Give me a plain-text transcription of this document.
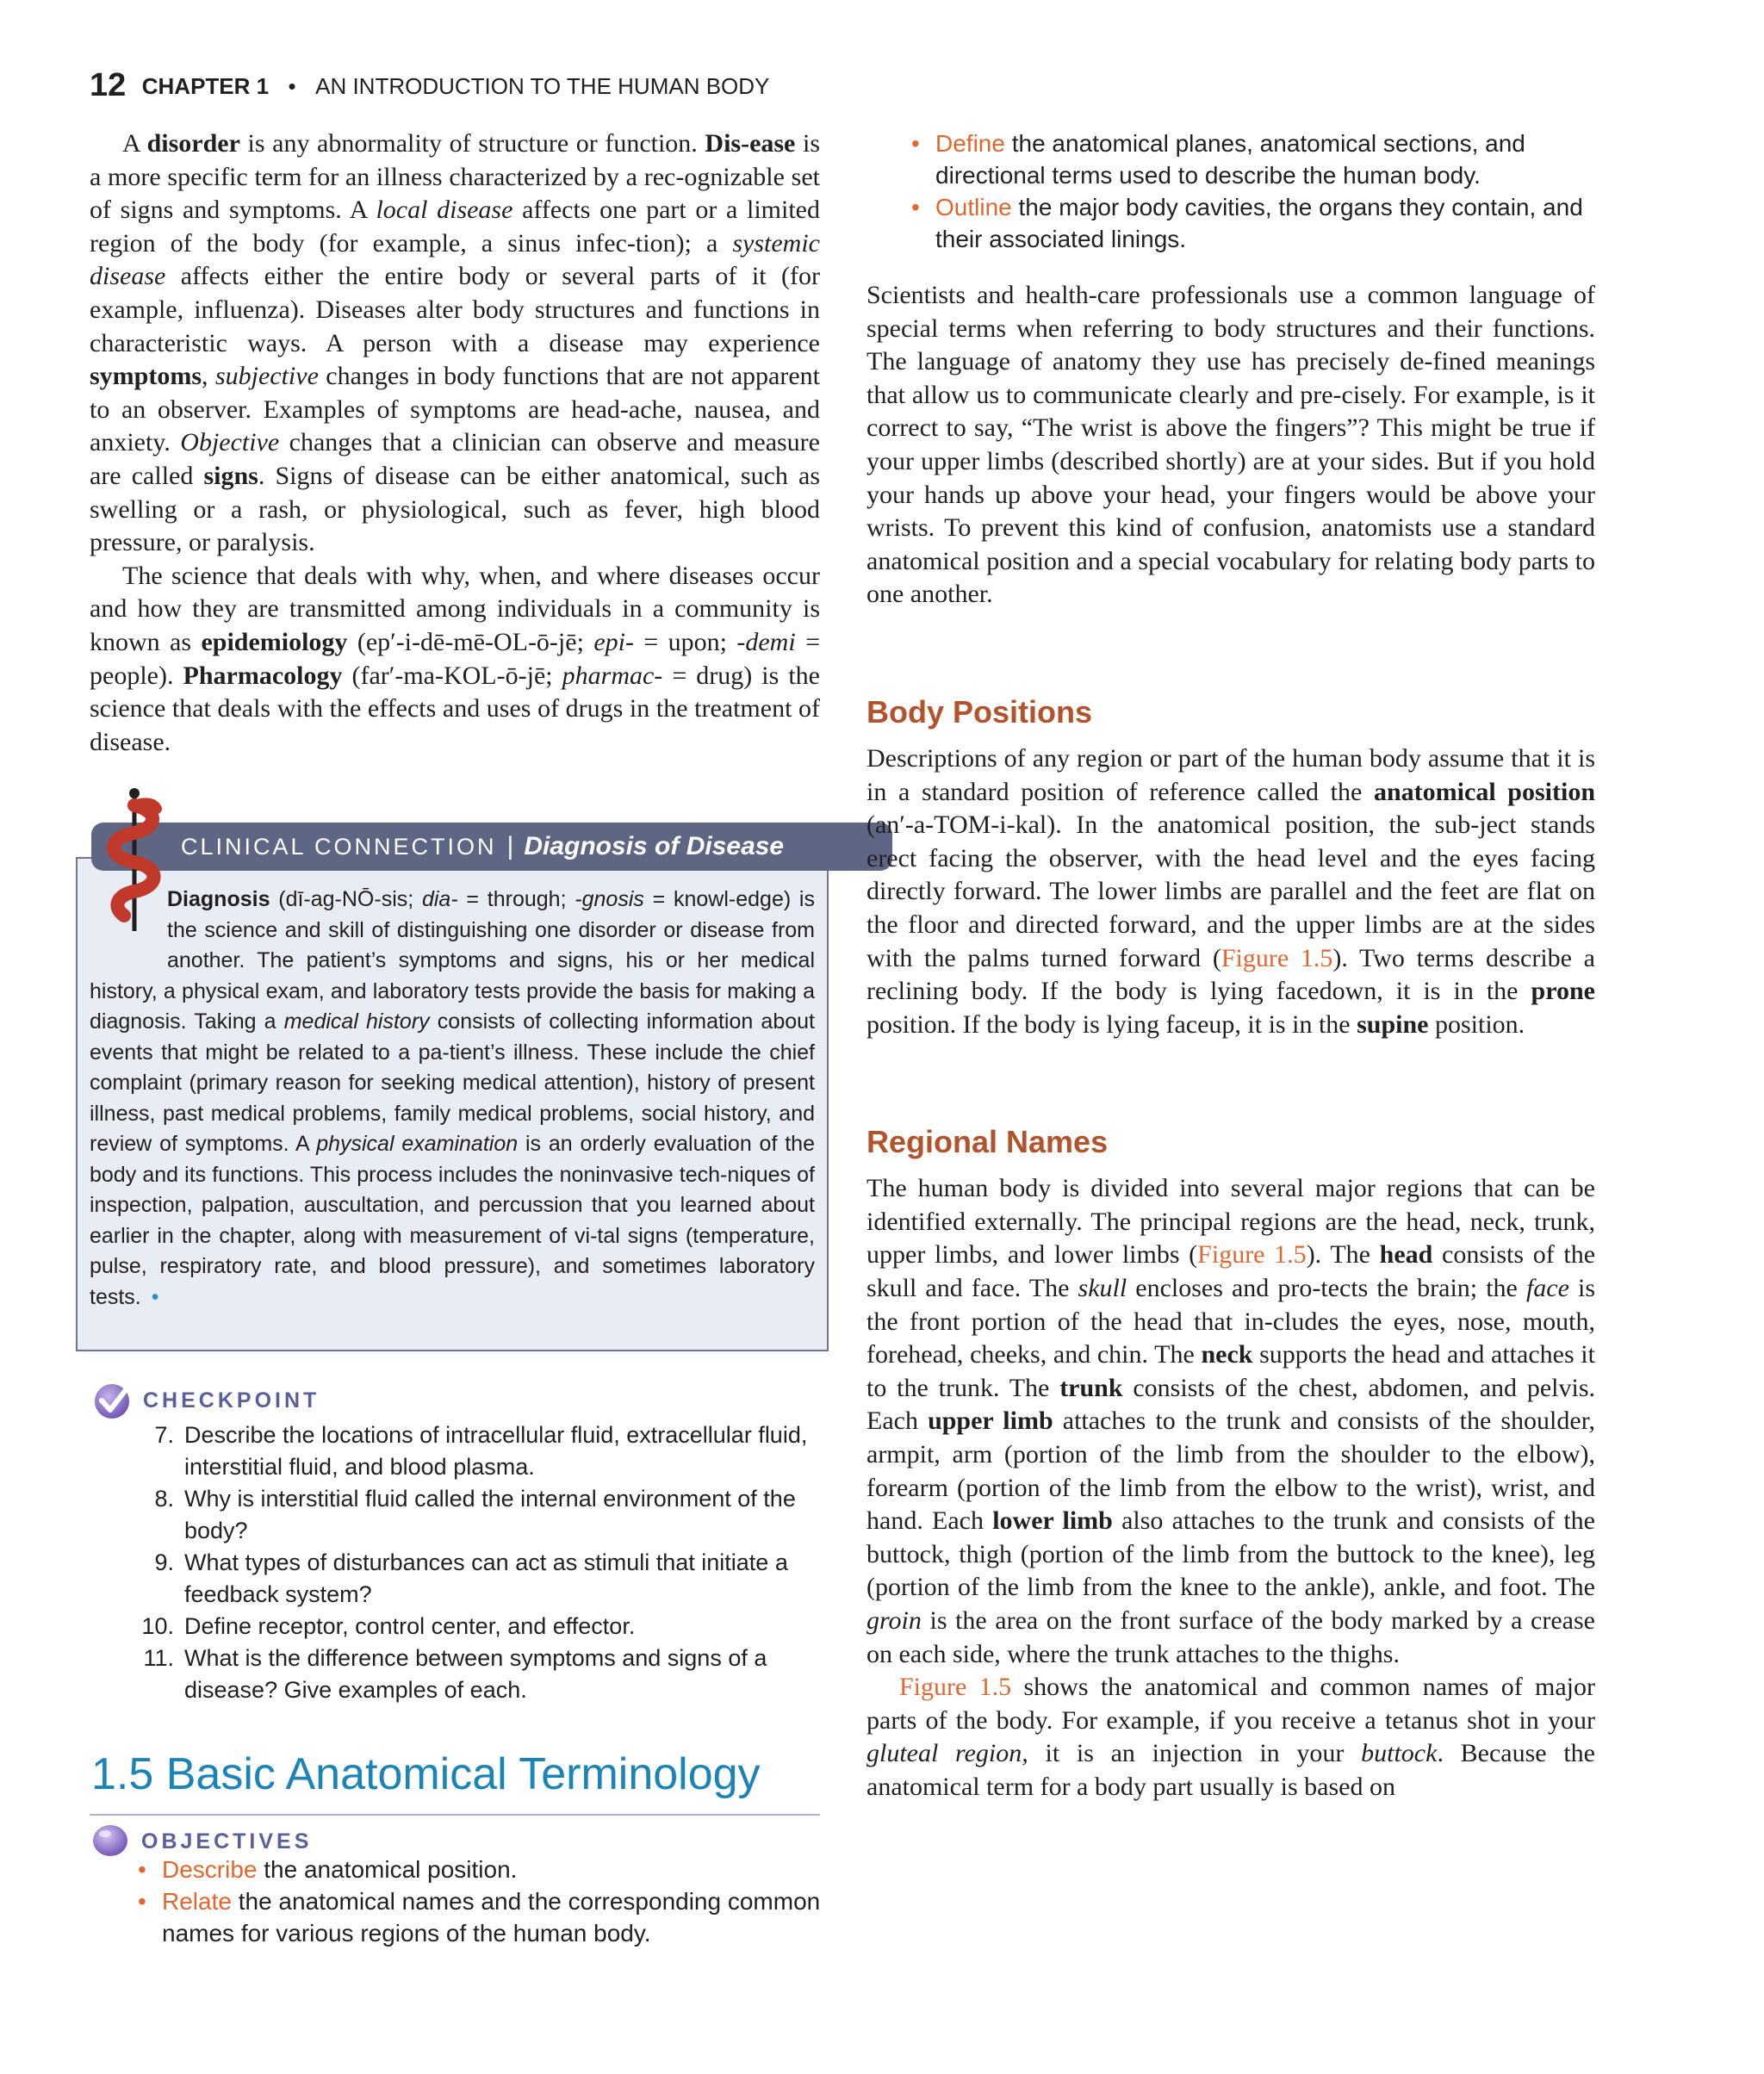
12 CHAPTER 1 • AN INTRODUCTION TO THE HUMAN BODY

A disorder is any abnormality of structure or function. Dis-ease is a more specific term for an illness characterized by a rec-ognizable set of signs and symptoms. A local disease affects one part or a limited region of the body (for example, a sinus infec-tion); a systemic disease affects either the entire body or several parts of it (for example, influenza). Diseases alter body structures and functions in characteristic ways. A person with a disease may experience symptoms, subjective changes in body functions that are not apparent to an observer. Examples of symptoms are head-ache, nausea, and anxiety. Objective changes that a clinician can observe and measure are called signs. Signs of disease can be either anatomical, such as swelling or a rash, or physiological, such as fever, high blood pressure, or paralysis.

The science that deals with why, when, and where diseases occur and how they are transmitted among individuals in a community is known as epidemiology (ep′-i-dē-mē-OL-ō-jē; epi- = upon; -demi = people). Pharmacology (far′-ma-KOL-ō-jē; pharmac- = drug) is the science that deals with the effects and uses of drugs in the treatment of disease.

CLINICAL CONNECTION | Diagnosis of Disease
Diagnosis (dī-ag-NŌ-sis; dia- = through; -gnosis = knowl-edge) is the science and skill of distinguishing one disorder or disease from another. The patient’s symptoms and signs, his or her medical history, a physical exam, and laboratory tests provide the basis for making a diagnosis. Taking a medical history consists of collecting information about events that might be related to a pa-tient’s illness. These include the chief complaint (primary reason for seeking medical attention), history of present illness, past medical problems, family medical problems, social history, and review of symptoms. A physical examination is an orderly evaluation of the body and its functions. This process includes the noninvasive tech-niques of inspection, palpation, auscultation, and percussion that you learned about earlier in the chapter, along with measurement of vi-tal signs (temperature, pulse, respiratory rate, and blood pressure), and sometimes laboratory tests. •
CHECKPOINT
7. Describe the locations of intracellular fluid, extracellular fluid, interstitial fluid, and blood plasma.
8. Why is interstitial fluid called the internal environment of the body?
9. What types of disturbances can act as stimuli that initiate a feedback system?
10. Define receptor, control center, and effector.
11. What is the difference between symptoms and signs of a disease? Give examples of each.
1.5 Basic Anatomical Terminology
OBJECTIVES
• Describe the anatomical position.
• Relate the anatomical names and the corresponding common names for various regions of the human body.
• Define the anatomical planes, anatomical sections, and directional terms used to describe the human body.
• Outline the major body cavities, the organs they contain, and their associated linings.

Scientists and health-care professionals use a common language of special terms when referring to body structures and their functions. The language of anatomy they use has precisely de-fined meanings that allow us to communicate clearly and pre-cisely. For example, is it correct to say, “The wrist is above the fingers”? This might be true if your upper limbs (described shortly) are at your sides. But if you hold your hands up above your head, your fingers would be above your wrists. To prevent this kind of confusion, anatomists use a standard anatomical position and a special vocabulary for relating body parts to one another.

Body Positions

Descriptions of any region or part of the human body assume that it is in a standard position of reference called the anatomical position (an′-a-TOM-i-kal). In the anatomical position, the sub-ject stands erect facing the observer, with the head level and the eyes facing directly forward. The lower limbs are parallel and the feet are flat on the floor and directed forward, and the upper limbs are at the sides with the palms turned forward (Figure 1.5). Two terms describe a reclining body. If the body is lying facedown, it is in the prone position. If the body is lying faceup, it is in the supine position.

Regional Names

The human body is divided into several major regions that can be identified externally. The principal regions are the head, neck, trunk, upper limbs, and lower limbs (Figure 1.5). The head consists of the skull and face. The skull encloses and pro-tects the brain; the face is the front portion of the head that in-cludes the eyes, nose, mouth, forehead, cheeks, and chin. The neck supports the head and attaches it to the trunk. The trunk consists of the chest, abdomen, and pelvis. Each upper limb attaches to the trunk and consists of the shoulder, armpit, arm (portion of the limb from the shoulder to the elbow), forearm (portion of the limb from the elbow to the wrist), wrist, and hand. Each lower limb also attaches to the trunk and consists of the buttock, thigh (portion of the limb from the buttock to the knee), leg (portion of the limb from the knee to the ankle), ankle, and foot. The groin is the area on the front surface of the body marked by a crease on each side, where the trunk attaches to the thighs.

Figure 1.5 shows the anatomical and common names of major parts of the body. For example, if you receive a tetanus shot in your gluteal region, it is an injection in your buttock. Because the anatomical term for a body part usually is based on
